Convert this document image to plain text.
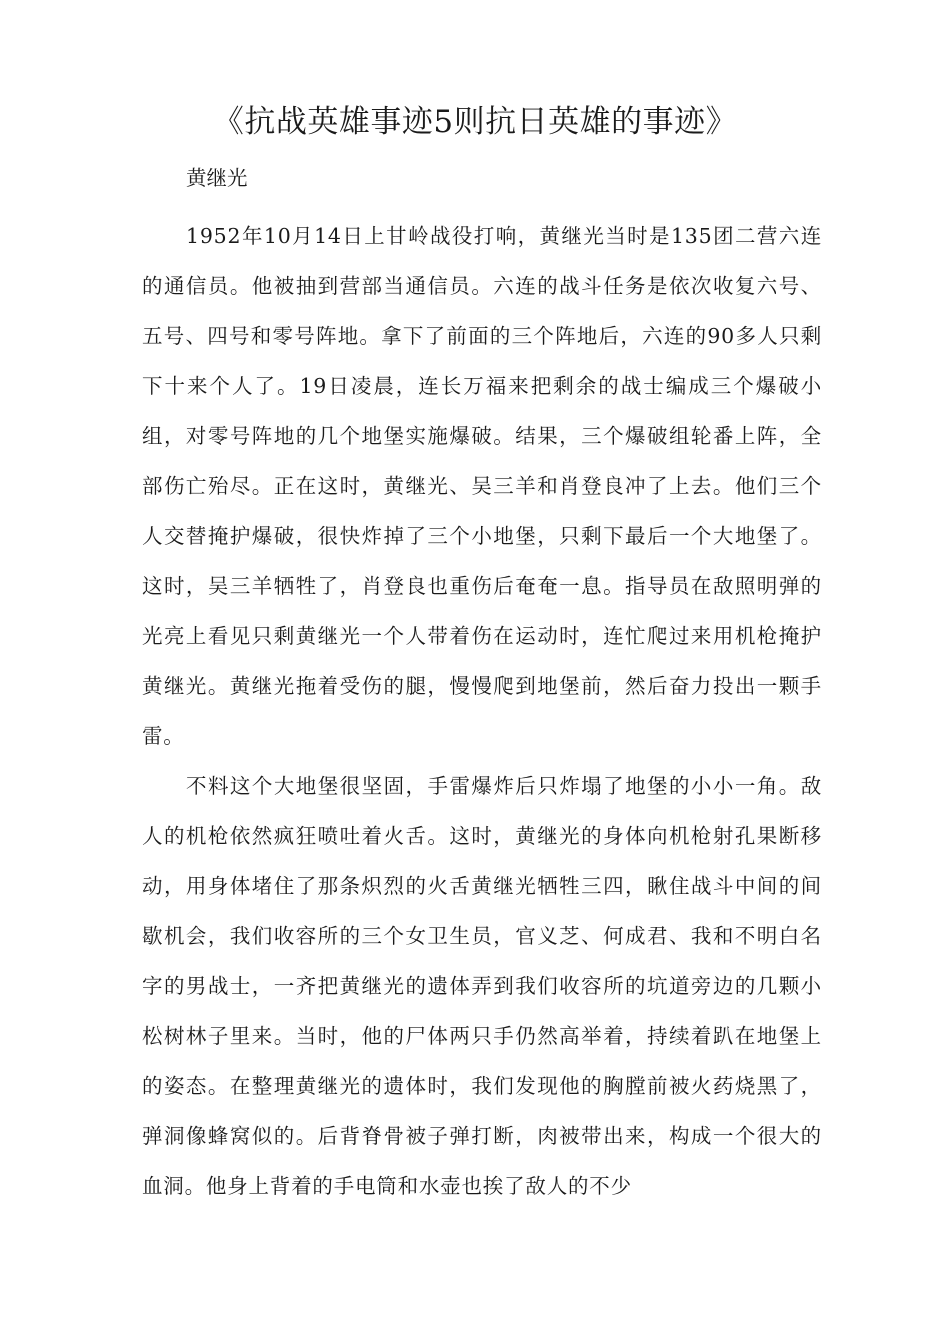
《抗战英雄事迹5则抗日英雄的事迹》

黄继光

1952年10月14日上甘岭战役打响，黄继光当时是135团二营六连的通信员。他被抽到营部当通信员。六连的战斗任务是依次收复六号、五号、四号和零号阵地。拿下了前面的三个阵地后，六连的90多人只剩下十来个人了。19日凌晨，连长万福来把剩余的战士编成三个爆破小组，对零号阵地的几个地堡实施爆破。结果，三个爆破组轮番上阵，全部伤亡殆尽。正在这时，黄继光、吴三羊和肖登良冲了上去。他们三个人交替掩护爆破，很快炸掉了三个小地堡，只剩下最后一个大地堡了。这时，吴三羊牺牲了，肖登良也重伤后奄奄一息。指导员在敌照明弹的光亮上看见只剩黄继光一个人带着伤在运动时，连忙爬过来用机枪掩护黄继光。黄继光拖着受伤的腿，慢慢爬到地堡前，然后奋力投出一颗手雷。

不料这个大地堡很坚固，手雷爆炸后只炸塌了地堡的小小一角。敌人的机枪依然疯狂喷吐着火舌。这时，黄继光的身体向机枪射孔果断移动，用身体堵住了那条炽烈的火舌黄继光牺牲三四，瞅住战斗中间的间歇机会，我们收容所的三个女卫生员，官义芝、何成君、我和不明白名字的男战士，一齐把黄继光的遗体弄到我们收容所的坑道旁边的几颗小松树林子里来。当时，他的尸体两只手仍然高举着，持续着趴在地堡上的姿态。在整理黄继光的遗体时，我们发现他的胸膛前被火药烧黑了，弹洞像蜂窝似的。后背脊骨被子弹打断，肉被带出来，构成一个很大的血洞。他身上背着的手电筒和水壶也挨了敌人的不少
